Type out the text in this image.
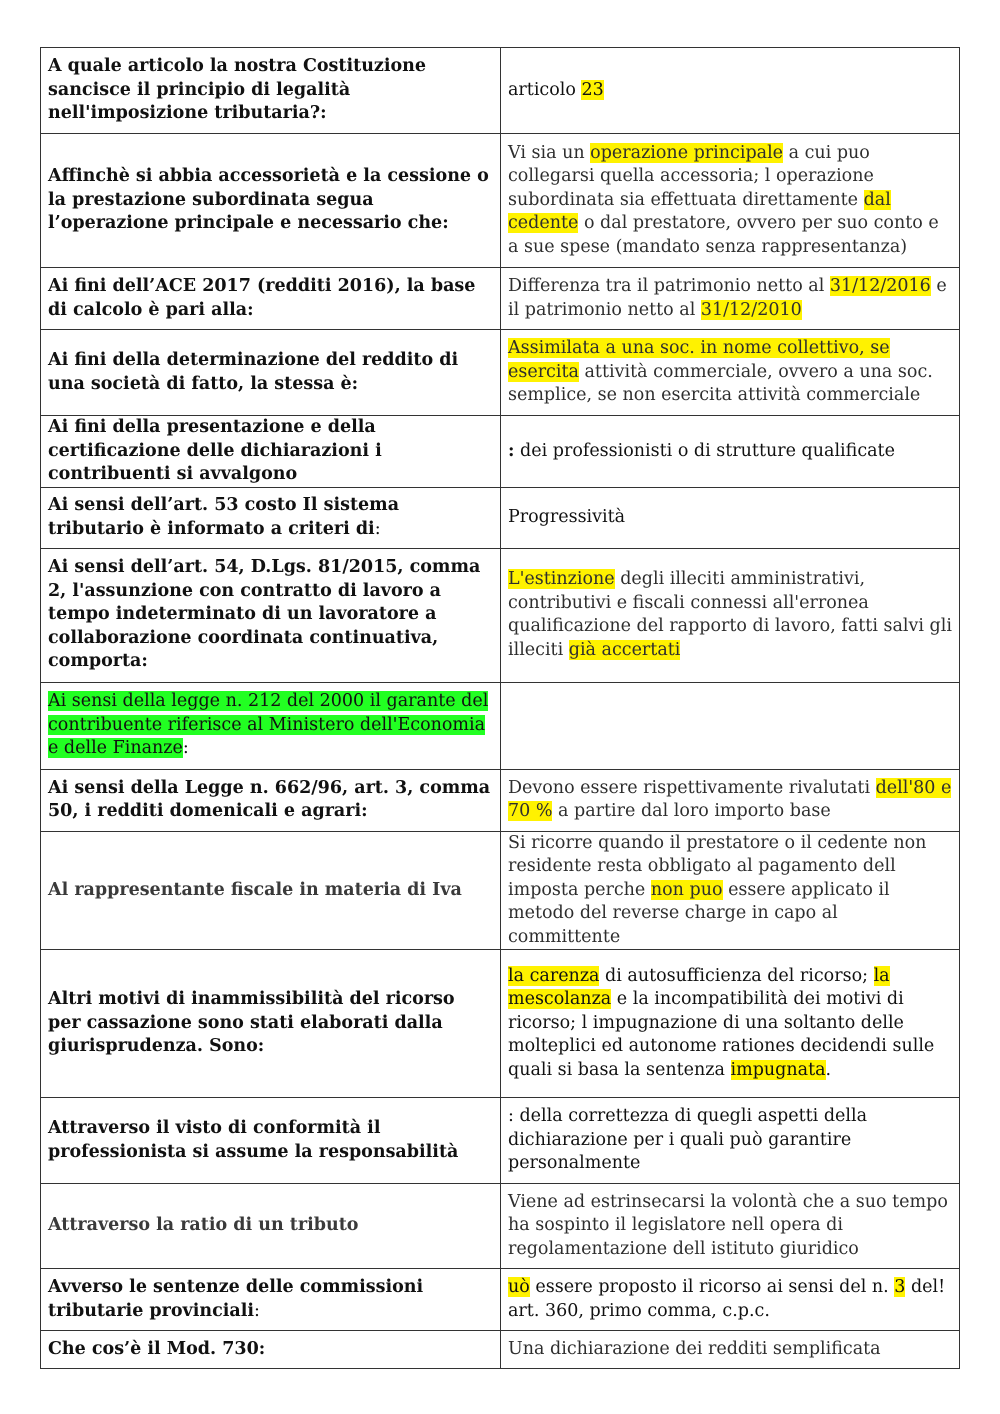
A quale articolo la nostra Costituzione sancisce il principio di legalità nell'imposizione tributaria?:	articolo 23
Affinchè si abbia accessorietà e la cessione o la prestazione subordinata segua l’operazione principale e necessario che:	Vi sia un operazione principale a cui puo collegarsi quella accessoria; l operazione subordinata sia effettuata direttamente dal cedente o dal prestatore, ovvero per suo conto e a sue spese (mandato senza rappresentanza)
Ai fini dell’ACE 2017 (redditi 2016), la base di calcolo è pari alla:	Differenza tra il patrimonio netto al 31/12/2016 e il patrimonio netto al 31/12/2010
Ai fini della determinazione del reddito di una società di fatto, la stessa è:	Assimilata a una soc. in nome collettivo, se esercita attività commerciale, ovvero a una soc. semplice, se non esercita attività commerciale
Ai fini della presentazione e della certificazione delle dichiarazioni i contribuenti si avvalgono	: dei professionisti o di strutture qualificate
Ai sensi dell’art. 53 costo Il sistema tributario è informato a criteri di:	Progressività
Ai sensi dell’art. 54, D.Lgs. 81/2015, comma 2, l'assunzione con contratto di lavoro a tempo indeterminato di un lavoratore a collaborazione coordinata continuativa, comporta:	L'estinzione degli illeciti amministrativi, contributivi e fiscali connessi all'erronea qualificazione del rapporto di lavoro, fatti salvi gli illeciti già accertati
Ai sensi della legge n. 212 del 2000 il garante del contribuente riferisce al Ministero dell'Economia e delle Finanze:	
Ai sensi della Legge n. 662/96, art. 3, comma 50, i redditi domenicali e agrari:	Devono essere rispettivamente rivalutati dell'80 e 70 % a partire dal loro importo base
Al rappresentante fiscale in materia di Iva	Si ricorre quando il prestatore o il cedente non residente resta obbligato al pagamento dell imposta perche non puo essere applicato il metodo del reverse charge in capo al committente
Altri motivi di inammissibilità del ricorso per cassazione sono stati elaborati dalla giurisprudenza. Sono:	la carenza di autosufficienza del ricorso; la mescolanza e la incompatibilità dei motivi di ricorso; l impugnazione di una soltanto delle molteplici ed autonome rationes decidendi sulle quali si basa la sentenza impugnata.
Attraverso il visto di conformità il professionista si assume la responsabilità	: della correttezza di quegli aspetti della dichiarazione per i quali può garantire personalmente
Attraverso la ratio di un tributo	Viene ad estrinsecarsi la volontà che a suo tempo ha sospinto il legislatore nell opera di regolamentazione dell istituto giuridico
Avverso le sentenze delle commissioni tributarie provinciali:	uò essere proposto il ricorso ai sensi del n. 3 del! art. 360, primo comma, c.p.c.
Che cos’è il Mod. 730:	Una dichiarazione dei redditi semplificata
